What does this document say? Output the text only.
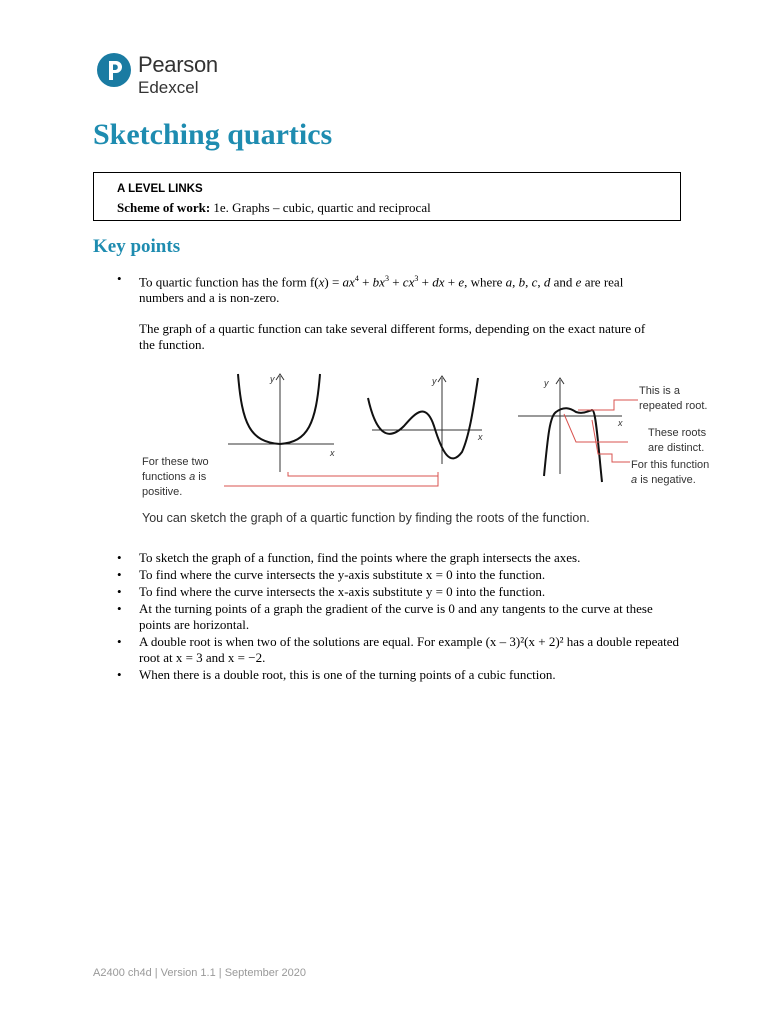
Pearson
Edexcel
Sketching quartics
A LEVEL LINKS
Scheme of work: 1e. Graphs – cubic, quartic and reciprocal
Key points
• To quartic function has the form $f(x) = ax^4 + bx^3 + cx^3$ + dx + e, where a, b, c, d and e are real
numbers and a is non-zero.
The graph of a quartic function can take several different forms, depending on the exact nature of the function.
y
x
y
x
y
x
For these two
functions a is
positive.
This is a
repeated root.
These roots
are distinct.
For this function
a is negative.
You can sketch the graph of a quartic function by finding the roots of the function.
• To sketch the graph of a function, find the points where the graph intersects the axes.
• To find where the curve intersects the y-axis substitute x = 0 into the function.
• To find where the curve intersects the x-axis substitute y = 0 into the function.
• At the turning points of a graph the gradient of the curve is 0 and any tangents to the curve at these points are horizontal.
• A double root is when two of the solutions are equal. For example (x – 3)²(x + 2)² has a double repeated root at x = 3 and x = −2.
• When there is a double root, this is one of the turning points of a cubic function.
A2400 ch4d | Version 1.1 | September 2020
